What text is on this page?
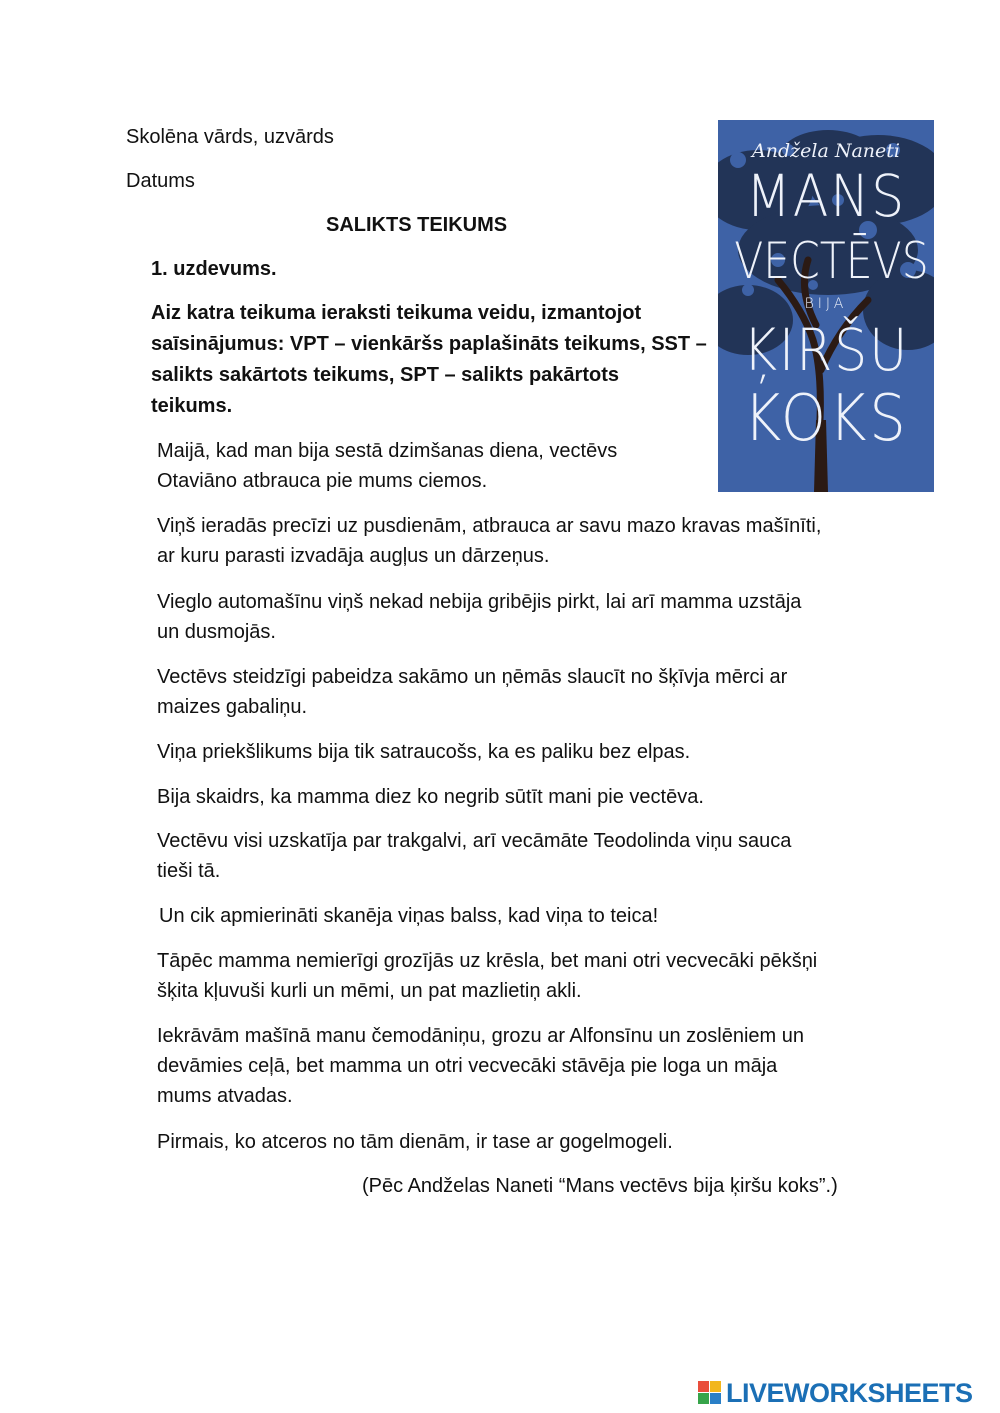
Skolēna vārds, uzvārds
Datums
SALIKTS TEIKUMS
1. uzdevums.
Aiz katra teikuma ieraksti teikuma veidu, izmantojot
saīsinājumus: VPT – vienkāršs paplašināts teikums, SST –
salikts sakārtots teikums, SPT – salikts pakārtots
teikums.
Maijā, kad man bija sestā dzimšanas diena, vectēvs
Otaviāno atbrauca pie mums ciemos.
Viņš ieradās precīzi uz pusdienām, atbrauca ar savu mazo kravas mašīnīti,
ar kuru parasti izvadāja augļus un dārzeņus.
Vieglo automašīnu viņš nekad nebija gribējis pirkt, lai arī mamma uzstāja
un dusmojās.
Vectēvs steidzīgi pabeidza sakāmo un ņēmās slaucīt no šķīvja mērci ar
maizes gabaliņu.
Viņa priekšlikums bija tik satraucošs, ka es paliku bez elpas.
Bija skaidrs, ka mamma diez ko negrib sūtīt mani pie vectēva.
Vectēvu visi uzskatīja par trakgalvi, arī vecāmāte Teodolinda viņu sauca
tieši tā.
Un cik apmierināti skanēja viņas balss, kad viņa to teica!
Tāpēc mamma nemierīgi grozījās uz krēsla, bet mani otri vecvecāki pēkšņi
šķita kļuvuši kurli un mēmi, un pat mazlietiņ akli.
Iekrāvām mašīnā manu čemodāniņu, grozu ar Alfonsīnu un zoslēniem un
devāmies ceļā, bet mamma un otri vecvecāki stāvēja pie loga un māja
mums atvadas.
Pirmais, ko atceros no tām dienām, ir tase ar gogelmogeli.
(Pēc Andželas Naneti “Mans vectēvs bija ķiršu koks”.)
Andžela Naneti
MANS
VECTĒVS
BIJA
ĶIRŠU
KOKS
LIVEWORKSHEETS
